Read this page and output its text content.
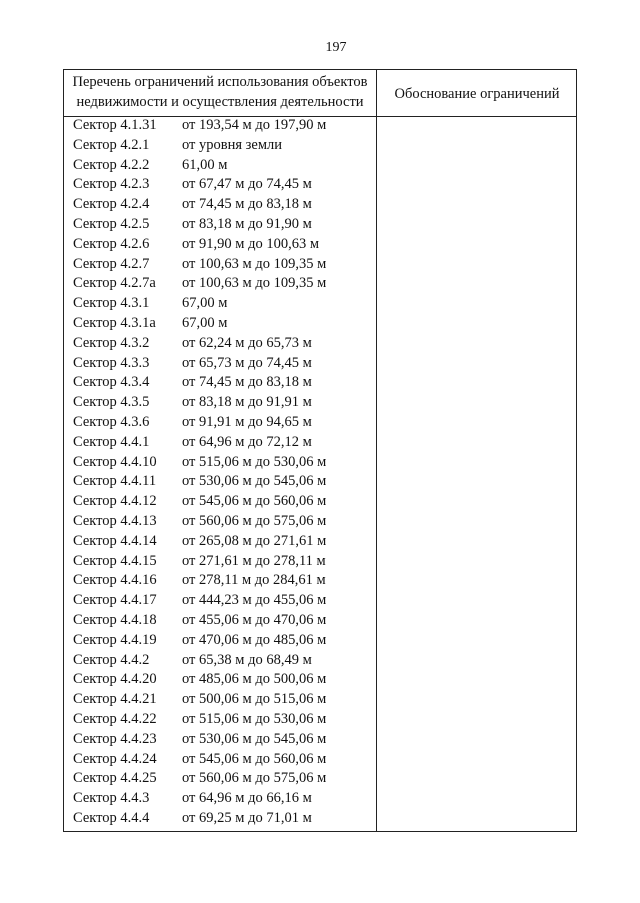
197
Перечень ограничений использования объектов
недвижимости и осуществления деятельности	Обоснование ограничений
Сектор 4.1.31 от 193,54 м до 197,90 м
Сектор 4.2.1 от уровня земли
Сектор 4.2.2 61,00 м
Сектор 4.2.3 от 67,47 м до 74,45 м
Сектор 4.2.4 от 74,45 м до 83,18 м
Сектор 4.2.5 от 83,18 м до 91,90 м
Сектор 4.2.6 от 91,90 м до 100,63 м
Сектор 4.2.7 от 100,63 м до 109,35 м
Сектор 4.2.7а от 100,63 м до 109,35 м
Сектор 4.3.1 67,00 м
Сектор 4.3.1а 67,00 м
Сектор 4.3.2 от 62,24 м до 65,73 м
Сектор 4.3.3 от 65,73 м до 74,45 м
Сектор 4.3.4 от 74,45 м до 83,18 м
Сектор 4.3.5 от 83,18 м до 91,91 м
Сектор 4.3.6 от 91,91 м до 94,65 м
Сектор 4.4.1 от 64,96 м до 72,12 м
Сектор 4.4.10 от 515,06 м до 530,06 м
Сектор 4.4.11 от 530,06 м до 545,06 м
Сектор 4.4.12 от 545,06 м до 560,06 м
Сектор 4.4.13 от 560,06 м до 575,06 м
Сектор 4.4.14 от 265,08 м до 271,61 м
Сектор 4.4.15 от 271,61 м до 278,11 м
Сектор 4.4.16 от 278,11 м до 284,61 м
Сектор 4.4.17 от 444,23 м до 455,06 м
Сектор 4.4.18 от 455,06 м до 470,06 м
Сектор 4.4.19 от 470,06 м до 485,06 м
Сектор 4.4.2 от 65,38 м до 68,49 м
Сектор 4.4.20 от 485,06 м до 500,06 м
Сектор 4.4.21 от 500,06 м до 515,06 м
Сектор 4.4.22 от 515,06 м до 530,06 м
Сектор 4.4.23 от 530,06 м до 545,06 м
Сектор 4.4.24 от 545,06 м до 560,06 м
Сектор 4.4.25 от 560,06 м до 575,06 м
Сектор 4.4.3 от 64,96 м до 66,16 м
Сектор 4.4.4 от 69,25 м до 71,01 м
